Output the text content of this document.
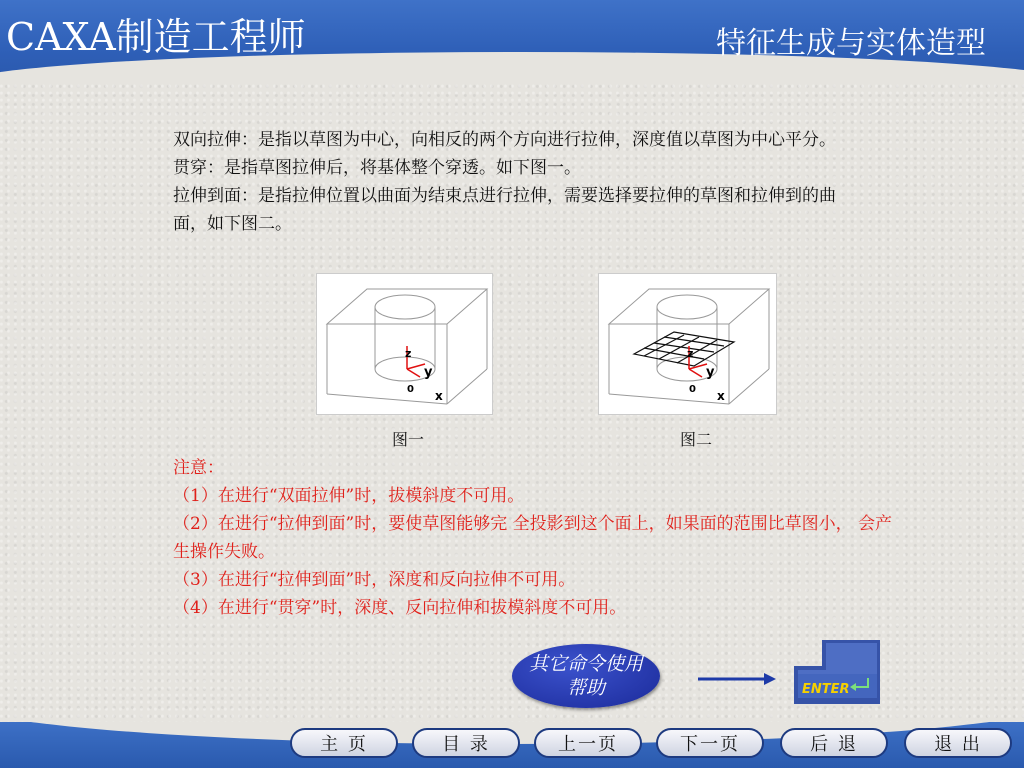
CAXA制造工程师	特征生成与实体造型

双向拉伸：是指以草图为中心，向相反的两个方向进行拉伸，深度值以草图为中心平分。

贯穿：是指草图拉伸后，将基体整个穿透。如下图一。

拉伸到面：是指拉伸位置以曲面为结束点进行拉伸，需要选择要拉伸的草图和拉伸到的曲面，如下图二。

z
y
0 x
图一
z
y
0 x
图二

注意：

（1）在进行“双面拉伸”时，拔模斜度不可用。

（2）在进行“拉伸到面”时，要使草图能够完 全投影到这个面上，如果面的范围比草图小， 会产生操作失败。

（3）在进行“拉伸到面”时，深度和反向拉伸不可用。

（4）在进行“贯穿”时，深度、反向拉伸和拔模斜度不可用。

其它命令使用帮助	ENTER
主 页	目 录	上一页	下一页	后 退	退 出
